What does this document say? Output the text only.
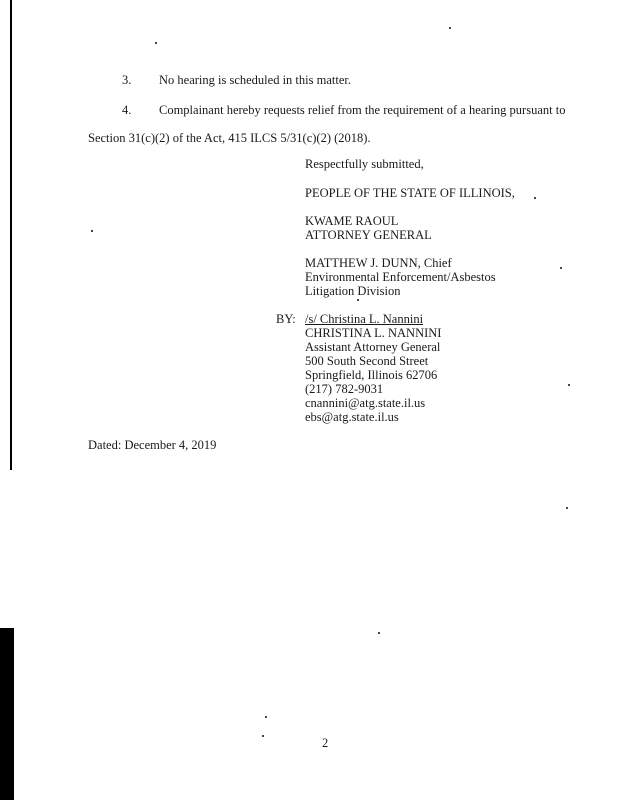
3. No hearing is scheduled in this matter.
4. Complainant hereby requests relief from the requirement of a hearing pursuant to
Section 31(c)(2) of the Act, 415 ILCS 5/31(c)(2) (2018).
Respectfully submitted,
PEOPLE OF THE STATE OF ILLINOIS,
KWAME RAOUL
ATTORNEY GENERAL
MATTHEW J. DUNN, Chief
Environmental Enforcement/Asbestos
Litigation Division
BY: /s/ Christina L. Nannini
CHRISTINA L. NANNINI
Assistant Attorney General
500 South Second Street
Springfield, Illinois 62706
(217) 782-9031
cnannini@atg.state.il.us
ebs@atg.state.il.us
Dated: December 4, 2019
2
